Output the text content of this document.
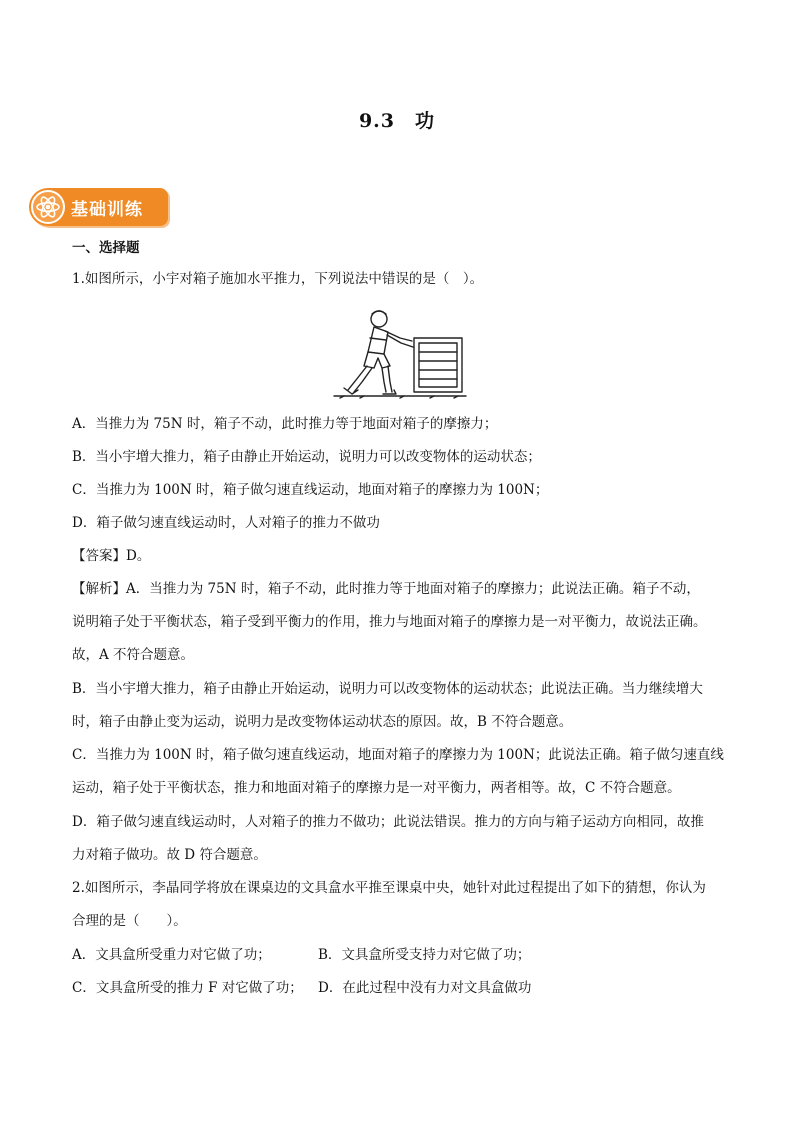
9.3 功
基础训练
一、选择题
1.如图所示，小宇对箱子施加水平推力，下列说法中错误的是（　）。
A．当推力为 75N 时，箱子不动，此时推力等于地面对箱子的摩擦力；
B．当小宇增大推力，箱子由静止开始运动，说明力可以改变物体的运动状态；
C．当推力为 100N 时，箱子做匀速直线运动，地面对箱子的摩擦力为 100N；
D．箱子做匀速直线运动时，人对箱子的推力不做功
【答案】D。
【解析】A．当推力为 75N 时，箱子不动，此时推力等于地面对箱子的摩擦力；此说法正确。箱子不动，
说明箱子处于平衡状态，箱子受到平衡力的作用，推力与地面对箱子的摩擦力是一对平衡力，故说法正确。
故，A 不符合题意。
B．当小宇增大推力，箱子由静止开始运动，说明力可以改变物体的运动状态；此说法正确。当力继续增大
时，箱子由静止变为运动，说明力是改变物体运动状态的原因。故，B 不符合题意。
C．当推力为 100N 时，箱子做匀速直线运动，地面对箱子的摩擦力为 100N；此说法正确。箱子做匀速直线
运动，箱子处于平衡状态，推力和地面对箱子的摩擦力是一对平衡力，两者相等。故，C 不符合题意。
D．箱子做匀速直线运动时，人对箱子的推力不做功；此说法错误。推力的方向与箱子运动方向相同，故推
力对箱子做功。故 D 符合题意。
2.如图所示，李晶同学将放在课桌边的文具盒水平推至课桌中央，她针对此过程提出了如下的猜想，你认为
合理的是（　　）。
A．文具盒所受重力对它做了功；	B．文具盒所受支持力对它做了功；
C．文具盒所受的推力 F 对它做了功； D．在此过程中没有力对文具盒做功
